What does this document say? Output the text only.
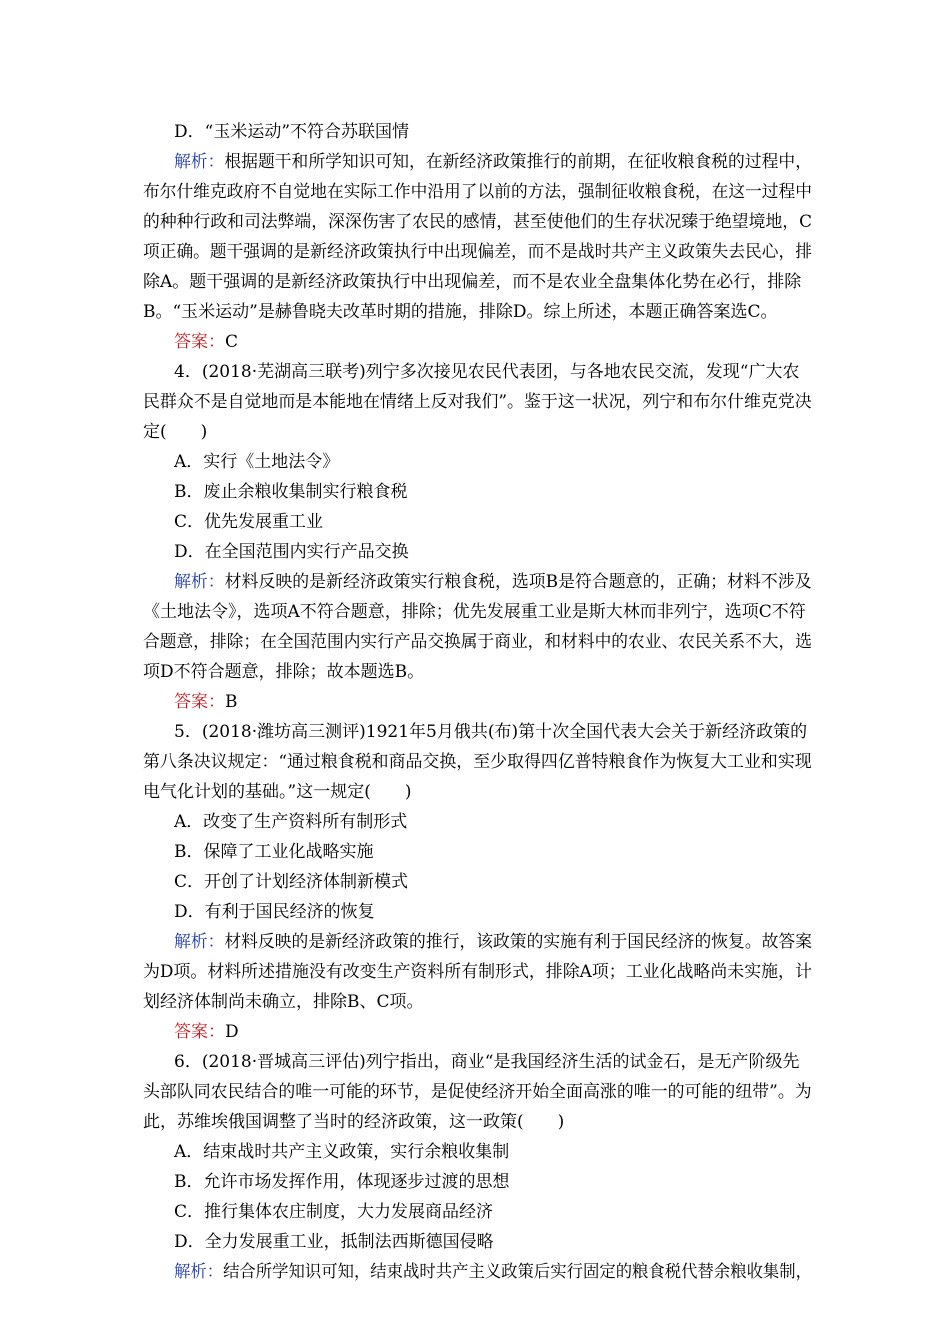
D．“玉米运动”不符合苏联国情
解析：根据题干和所学知识可知，在新经济政策推行的前期，在征收粮食税的过程中，
布尔什维克政府不自觉地在实际工作中沿用了以前的方法，强制征收粮食税，在这一过程中
的种种行政和司法弊端，深深伤害了农民的感情，甚至使他们的生存状况臻于绝望境地，C
项正确。题干强调的是新经济政策执行中出现偏差，而不是战时共产主义政策失去民心，排
除A。题干强调的是新经济政策执行中出现偏差，而不是农业全盘集体化势在必行，排除
B。“玉米运动”是赫鲁晓夫改革时期的措施，排除D。综上所述，本题正确答案选C。
答案：C
4．(2018·芜湖高三联考)列宁多次接见农民代表团，与各地农民交流，发现“广大农
民群众不是自觉地而是本能地在情绪上反对我们”。鉴于这一状况，列宁和布尔什维克党决
定(　　)
A．实行《土地法令》
B．废止余粮收集制实行粮食税
C．优先发展重工业
D．在全国范围内实行产品交换
解析：材料反映的是新经济政策实行粮食税，选项B是符合题意的，正确；材料不涉及
《土地法令》，选项A不符合题意，排除；优先发展重工业是斯大林而非列宁，选项C不符
合题意，排除；在全国范围内实行产品交换属于商业，和材料中的农业、农民关系不大，选
项D不符合题意，排除；故本题选B。
答案：B
5．(2018·潍坊高三测评)1921年5月俄共(布)第十次全国代表大会关于新经济政策的
第八条决议规定：“通过粮食税和商品交换，至少取得四亿普特粮食作为恢复大工业和实现
电气化计划的基础。”这一规定(　　)
A．改变了生产资料所有制形式
B．保障了工业化战略实施
C．开创了计划经济体制新模式
D．有利于国民经济的恢复
解析：材料反映的是新经济政策的推行，该政策的实施有利于国民经济的恢复。故答案
为D项。材料所述措施没有改变生产资料所有制形式，排除A项；工业化战略尚未实施，计
划经济体制尚未确立，排除B、C项。
答案：D
6．(2018·晋城高三评估)列宁指出，商业“是我国经济生活的试金石，是无产阶级先
头部队同农民结合的唯一可能的环节，是促使经济开始全面高涨的唯一的可能的纽带”。为
此，苏维埃俄国调整了当时的经济政策，这一政策(　　)
A．结束战时共产主义政策，实行余粮收集制
B．允许市场发挥作用，体现逐步过渡的思想
C．推行集体农庄制度，大力发展商品经济
D．全力发展重工业，抵制法西斯德国侵略
解析：结合所学知识可知，结束战时共产主义政策后实行固定的粮食税代替余粮收集制，
